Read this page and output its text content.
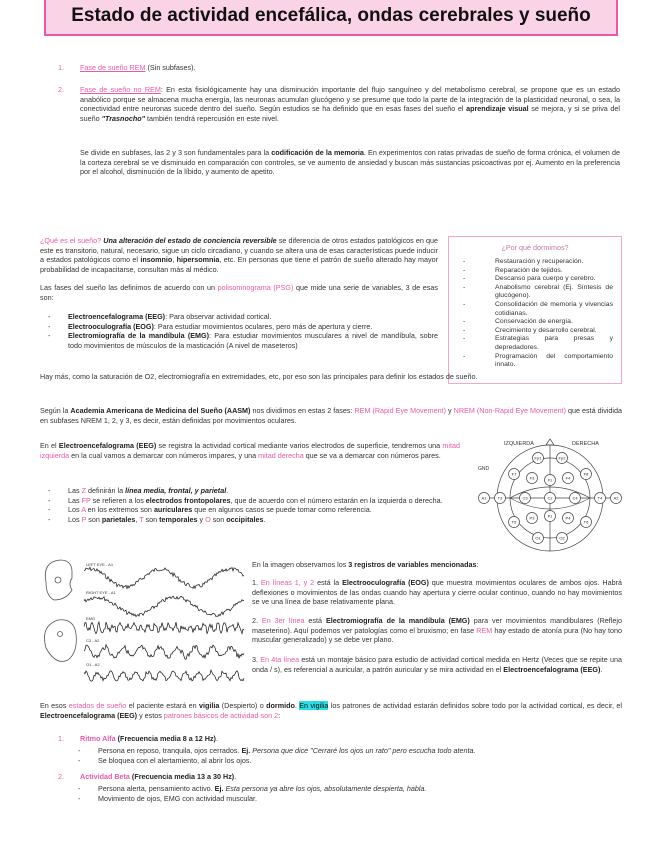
Estado de actividad encefálica, ondas cerebrales y sueño
1. Fase de sueño REM (Sin subfases).

2. Fase de sueño no REM: En esta fisiológicamente hay una disminución importante del flujo sanguíneo y del metabolismo cerebral, se propone que es un estado anabólico porque se almacena mucha energía, las neuronas acumulan glucógeno y se presume que todo la parte de la integración de la plasticidad neuronal, o sea, la conectividad entre neuronas sucede dentro del sueño. Según estudios se ha definido que en esas fases del sueño el aprendizaje visual se mejora, y si se priva del sueño "Trasnocho" también tendrá repercusión en este nivel.

Se divide en subfases, las 2 y 3 son fundamentales para la codificación de la memoria. En experimentos con ratas privadas de sueño de forma crónica, el volumen de la corteza cerebral se ve disminuido en comparación con controles, se ve aumento de ansiedad y buscan más sustancias psicoactivas por ej. Aumento en la preferencia por el alcohol, disminución de la líbido, y aumento de apetito.

¿Qué es el sueño? Una alteración del estado de conciencia reversible se diferencia de otros estados patológicos en que este es transitorio, natural, necesario, sigue un ciclo circadiano, y cuando se altera una de esas características puede inducir a estados patológicos como el insomnio, hipersomnia, etc. En personas que tiene el patrón de sueño alterado hay mayor probabilidad de incapacitarse, consultan más al médico.

¿Por qué dormimos?
- Restauración y recuperación.
- Reparación de tejidos.
- Descanso para cuerpo y cerebro.
- Anabolismo cerebral (Ej. Síntesis de glucógeno).
- Consolidación de memoria y vivencias cotidianas.
- Conservación de energía.
- Crecimiento y desarrollo cerebral.
- Estrategias para presas y depredadores.
- Programación del comportamiento innato.

Las fases del sueño las definimos de acuerdo con un polisomnograma (PSG) que mide una serie de variables, 3 de esas son:

- Electroencefalograma (EEG): Para observar actividad cortical.
- Electrooculografía (EOG): Para estudiar movimientos oculares, pero más de apertura y cierre.
- Electromiografía de la mandíbula (EMG): Para estudiar movimientos musculares a nivel de mandíbula, sobre todo movimientos de músculos de la masticación (A nivel de maseteros)

Hay más, como la saturación de O2, electromiografía en extremidades, etc, por eso son las principales para definir los estados de sueño.

Según la Academia Americana de Medicina del Sueño (AASM) nos dividimos en estas 2 fases: REM (Rapid Eye Movement) y NREM (Non-Rapid Eye Movement) que está dividida en subfases NREM 1, 2, y 3, es decir, están definidas por movimientos oculares.

En el Electroencefalograma (EEG) se registra la actividad cortical mediante varios electrodos de superficie, tendremos una mitad izquierda en la cual vamos a demarcar con números impares, y una mitad derecha que se va a demarcar con números pares.

- Las Z definirán la línea media, frontal, y parietal.
- Las FP se refieren a los electrodos frontopolares, que de acuerdo con el número estarán en la izquierda o derecha.
- Los A en los extremos son auriculares que en algunos casos se puede tomar como referencia.
- Los P son parietales, T son temporales y O son occipitales.
IZQUIERDA	DERECHA
GND
Fp1	Fp2
F7
F3	Fz	F4
F8
A1	T3	C3	Cz	C4	T4	A2
T5
P3	Pz	P4
T6
O1	O2
LEFT EYE - A1
RIGHT EYE - A1
EMG
C3 - A2
O1 - A2

En la imagen observamos los 3 registros de variables mencionadas:

1. En líneas 1, y 2 está la Electrooculografía (EOG) que muestra movimientos oculares de ambos ojos. Habrá deflexiones o movimientos de las ondas cuando hay apertura y cierre ocular continuo, cuando no hay movimientos se ve una línea de base relativamente plana.

2. En 3er línea está Electromiografía de la mandíbula (EMG) para ver movimientos mandibulares (Reflejo maseterino). Aquí podemos ver patologías como el bruxismo; en fase REM hay estado de atonía pura (No hay tono muscular generalizado) y se debe ver plano.

3. En 4ta línea está un montaje básico para estudio de actividad cortical medida en Hertz (Veces que se repite una onda / s), es referencial a auricular, a patrón auricular y se mira actividad en el Electroencefalograma (EEG).

En esos estados de sueño el paciente estará en vigilia (Despierto) o dormido. En vigilia los patrones de actividad estarán definidos sobre todo por la actividad cortical, es decir, el Electroencefalograma (EEG) y estos patrones básicos de actividad son 2:

1. Ritmo Alfa (Frecuencia media 8 a 12 Hz).

- Persona en reposo, tranquila, ojos cerrados. Ej. Persona que dice "Cerraré los ojos un rato" pero escucha todo atenta.
- Se bloquea con el alertamiento, al abrir los ojos.
2. Actividad Beta (Frecuencia media 13 a 30 Hz).

- Persona alerta, pensamiento activo. Ej. Esta persona ya abre los ojos, absolutamente despierta, habla.
- Movimiento de ojos, EMG con actividad muscular.
